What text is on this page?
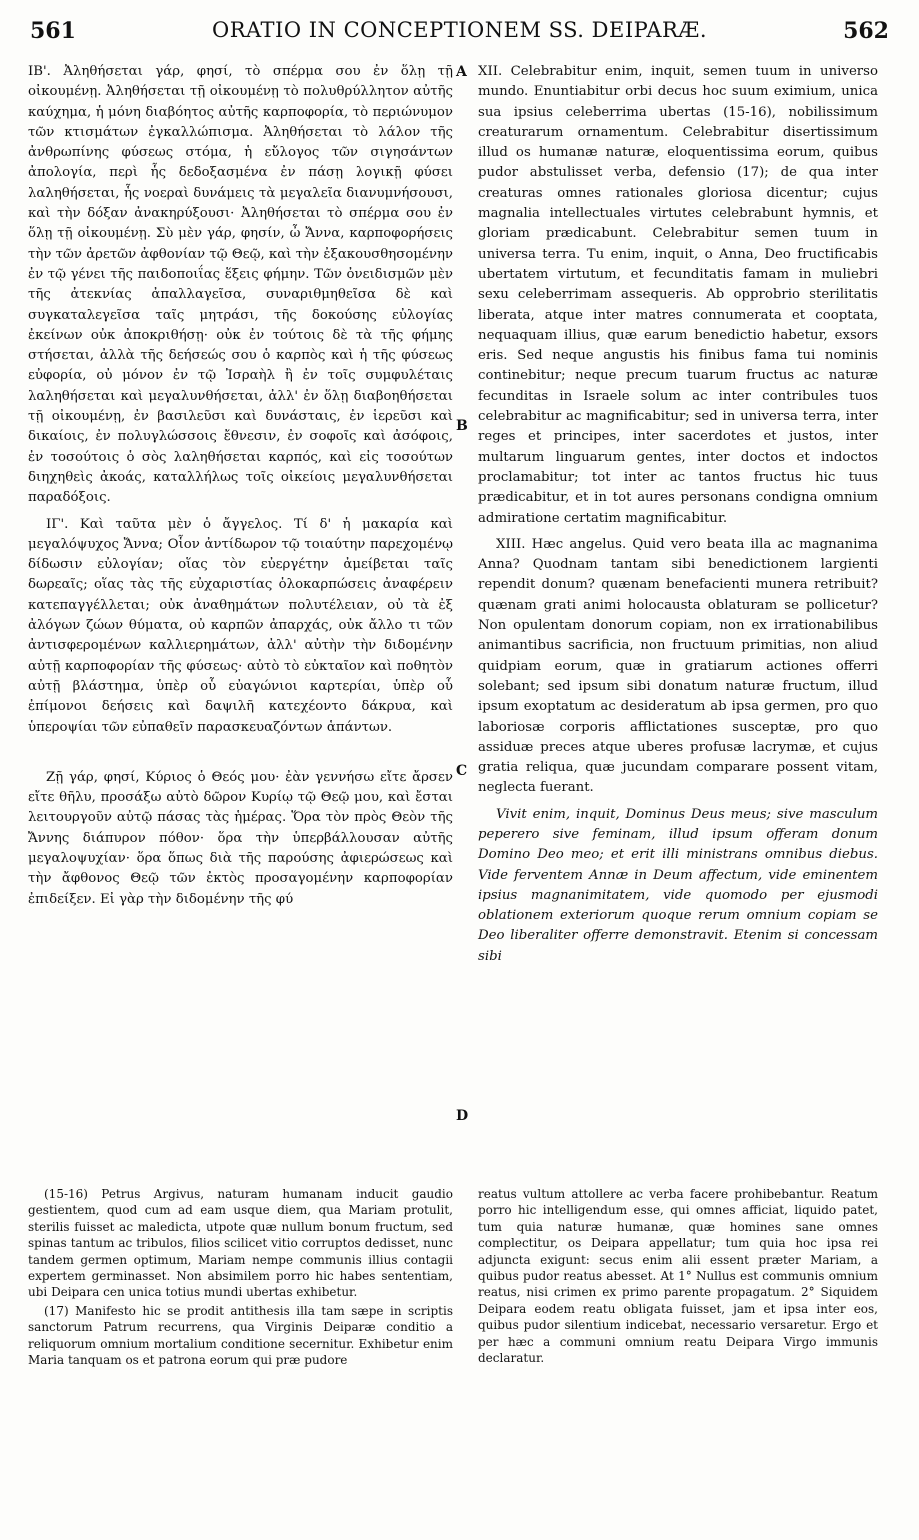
561	ORATIO IN CONCEPTIONEM SS. DEIPARÆ.	562

IB'. Ἀληθήσεται γάρ, φησί, τὸ σπέρμα σου ἐν ὅλῃ τῇ οἰκουμένῃ. Ἀληθήσεται τῇ οἰκουμένῃ τὸ πολυθρύλλητον αὐτῆς καύχημα, ἡ μόνη διαβόητος αὐτῆς καρποφορία, τὸ περιώνυμον τῶν κτισμάτων ἐγκαλλώπισμα. Ἀληθήσεται τὸ λάλον τῆς ἀνθρωπίνης φύσεως στόμα, ἡ εὔλογος τῶν σιγησάντων ἀπολογία, περὶ ἧς δεδοξασμένα ἐν πάσῃ λογικῇ φύσει λαληθήσεται, ἧς νοεραὶ δυνάμεις τὰ μεγαλεῖα διανυμνήσουσι, καὶ τὴν δόξαν ἀνακηρύξουσι· Ἀληθήσεται τὸ σπέρμα σου ἐν ὅλῃ τῇ οἰκουμένῃ. Σὺ μὲν γάρ, φησίν, ὦ Ἄννα, καρποφορήσεις τὴν τῶν ἀρετῶν ἀφθονίαν τῷ Θεῷ, καὶ τὴν ἐξακουσθησομένην ἐν τῷ γένει τῆς παιδοποιΐας ἕξεις φήμην. Τῶν ὀνειδισμῶν μὲν τῆς ἀτεκνίας ἀπαλλαγεῖσα, συναριθμηθεῖσα δὲ καὶ συγκαταλεγεῖσα ταῖς μητράσι, τῆς δοκούσης εὐλογίας ἐκείνων οὐκ ἀποκριθήσῃ· οὐκ ἐν τούτοις δὲ τὰ τῆς φήμης στήσεται, ἀλλὰ τῆς δεήσεώς σου ὁ καρπὸς καὶ ἡ τῆς φύσεως εὐφορία, οὐ μόνον ἐν τῷ Ἰσραὴλ ἢ ἐν τοῖς συμφυλέταις λαληθήσεται καὶ μεγαλυνθήσεται, ἀλλ' ἐν ὅλῃ διαβοηθήσεται τῇ οἰκουμένῃ, ἐν βασιλεῦσι καὶ δυνάσταις, ἐν ἱερεῦσι καὶ δικαίοις, ἐν πολυγλώσσοις ἔθνεσιν, ἐν σοφοῖς καὶ ἀσόφοις, ἐν τοσούτοις ὁ σὸς λαληθήσεται καρπός, καὶ εἰς τοσούτων διηχηθεὶς ἀκοάς, καταλλήλως τοῖς οἰκείοις μεγαλυνθήσεται παραδόξοις.

ΙΓ'. Καὶ ταῦτα μὲν ὁ ἄγγελος. Τί δ' ἡ μακαρία καὶ μεγαλόψυχος Ἄννα; Οἷον ἀντίδωρον τῷ τοιαύτην παρεχομένῳ δίδωσιν εὐλογίαν; οἵας τὸν εὐεργέτην ἀμείβεται ταῖς δωρεαῖς; οἵας τὰς τῆς εὐχαριστίας ὁλοκαρπώσεις ἀναφέρειν κατεπαγγέλλεται; οὐκ ἀναθημάτων πολυτέλειαν, οὐ τὰ ἐξ ἀλόγων ζώων θύματα, οὐ καρπῶν ἀπαρχάς, οὐκ ἄλλο τι τῶν ἀντισφερομένων καλλιερημάτων, ἀλλ' αὐτὴν τὴν διδομένην αὐτῇ καρποφορίαν τῆς φύσεως· αὐτὸ τὸ εὐκταῖον καὶ ποθητὸν αὐτῇ βλάστημα, ὑπὲρ οὗ εὐαγώνιοι καρτερίαι, ὑπὲρ οὗ ἐπίμονοι δεήσεις καὶ δαψιλῆ κατεχέοντο δάκρυα, καὶ ὑπεροψίαι τῶν εὐπαθεῖν παρασκευαζόντων ἁπάντων.

Ζῇ γάρ, φησί, Κύριος ὁ Θεός μου· ἐὰν γεννήσω εἴτε ἄρσεν εἴτε θῆλυ, προσάξω αὐτὸ δῶρον Κυρίῳ τῷ Θεῷ μου, καὶ ἔσται λειτουργοῦν αὐτῷ πάσας τὰς ἡμέρας. Ὅρα τὸν πρὸς Θεὸν τῆς Ἄννης διάπυρον πόθον· ὅρα τὴν ὑπερβάλλουσαν αὐτῆς μεγαλοψυχίαν· ὅρα ὅπως διὰ τῆς παρούσης ἀφιερώσεως καὶ τὴν ἄφθονος Θεῷ τῶν ἐκτὸς προσαγομένην καρποφορίαν ἐπιδείξεν. Εἰ γὰρ τὴν διδομένην τῆς φύ

A
B
C
D

XII. Celebrabitur enim, inquit, semen tuum in universo mundo. Enuntiabitur orbi decus hoc suum eximium, unica sua ipsius celeberrima ubertas (15-16), nobilissimum creaturarum ornamentum. Celebrabitur disertissimum illud os humanæ naturæ, eloquentissima eorum, quibus pudor abstulisset verba, defensio (17); de qua inter creaturas omnes rationales gloriosa dicentur; cujus magnalia intellectuales virtutes celebrabunt hymnis, et gloriam prædicabunt. Celebrabitur semen tuum in universa terra. Tu enim, inquit, o Anna, Deo fructificabis ubertatem virtutum, et fecunditatis famam in muliebri sexu celeberrimam assequeris. Ab opprobrio sterilitatis liberata, atque inter matres connumerata et cooptata, nequaquam illius, quæ earum benedictio habetur, exsors eris. Sed neque angustis his finibus fama tui nominis continebitur; neque precum tuarum fructus ac naturæ fecunditas in Israele solum ac inter contribules tuos celebrabitur ac magnificabitur; sed in universa terra, inter reges et principes, inter sacerdotes et justos, inter multarum linguarum gentes, inter doctos et indoctos proclamabitur; tot inter ac tantos fructus hic tuus prædicabitur, et in tot aures personans condigna omnium admiratione certatim magnificabitur.

XIII. Hæc angelus. Quid vero beata illa ac magnanima Anna? Quodnam tantam sibi benedictionem largienti rependit donum? quænam benefacienti munera retribuit? quænam grati animi holocausta oblaturam se pollicetur? Non opulentam donorum copiam, non ex irrationabilibus animantibus sacrificia, non fructuum primitias, non aliud quidpiam eorum, quæ in gratiarum actiones offerri solebant; sed ipsum sibi donatum naturæ fructum, illud ipsum exoptatum ac desideratum ab ipsa germen, pro quo laboriosæ corporis afflictationes susceptæ, pro quo assiduæ preces atque uberes profusæ lacrymæ, et cujus gratia reliqua, quæ jucundam comparare possent vitam, neglecta fuerant.

Vivit enim, inquit, Dominus Deus meus; sive masculum pepererο sive feminam, illud ipsum offeram donum Domino Deo meo; et erit illi ministrans omnibus diebus. Vide ferventem Annæ in Deum affectum, vide eminentem ipsius magnanimitatem, vide quomodo per ejusmodi oblationem exteriorum quoque rerum omnium copiam se Deo liberaliter offerre demonstravit. Etenim si concessam sibi

(15-16) Petrus Argivus, naturam humanam inducit gaudio gestientem, quod cum ad eam usque diem, qua Mariam protulit, sterilis fuisset ac maledicta, utpote quæ nullum bonum fructum, sed spinas tantum ac tribulos, filios scilicet vitio corruptos dedisset, nunc tandem germen optimum, Mariam nempe communis illius contagii expertem germinasset. Non absimilem porro hic habes sententiam, ubi Deipara cen unica totius mundi ubertas exhibetur.

(17) Manifesto hic se prodit antithesis illa tam sæpe in scriptis sanctorum Patrum recurrens, qua Virginis Deiparæ conditio a reliquorum omnium mortalium conditione secernitur. Exhibetur enim Maria tanquam os et patrona eorum qui præ pudore

reatus vultum attollere ac verba facere prohibebantur. Reatum porro hic intelligendum esse, qui omnes afficiat, liquido patet, tum quia naturæ humanæ, quæ homines sane omnes complectitur, os Deipara appellatur; tum quia hoc ipsa rei adjuncta exigunt: secus enim alii essent præter Mariam, a quibus pudor reatus abesset. At 1° Nullus est communis omnium reatus, nisi crimen ex primo parente propagatum. 2° Siquidem Deipara eodem reatu obligata fuisset, jam et ipsa inter eos, quibus pudor silentium indicebat, necessario versaretur. Ergo et per hæc a communi omnium reatu Deipara Virgo immunis declaratur.
